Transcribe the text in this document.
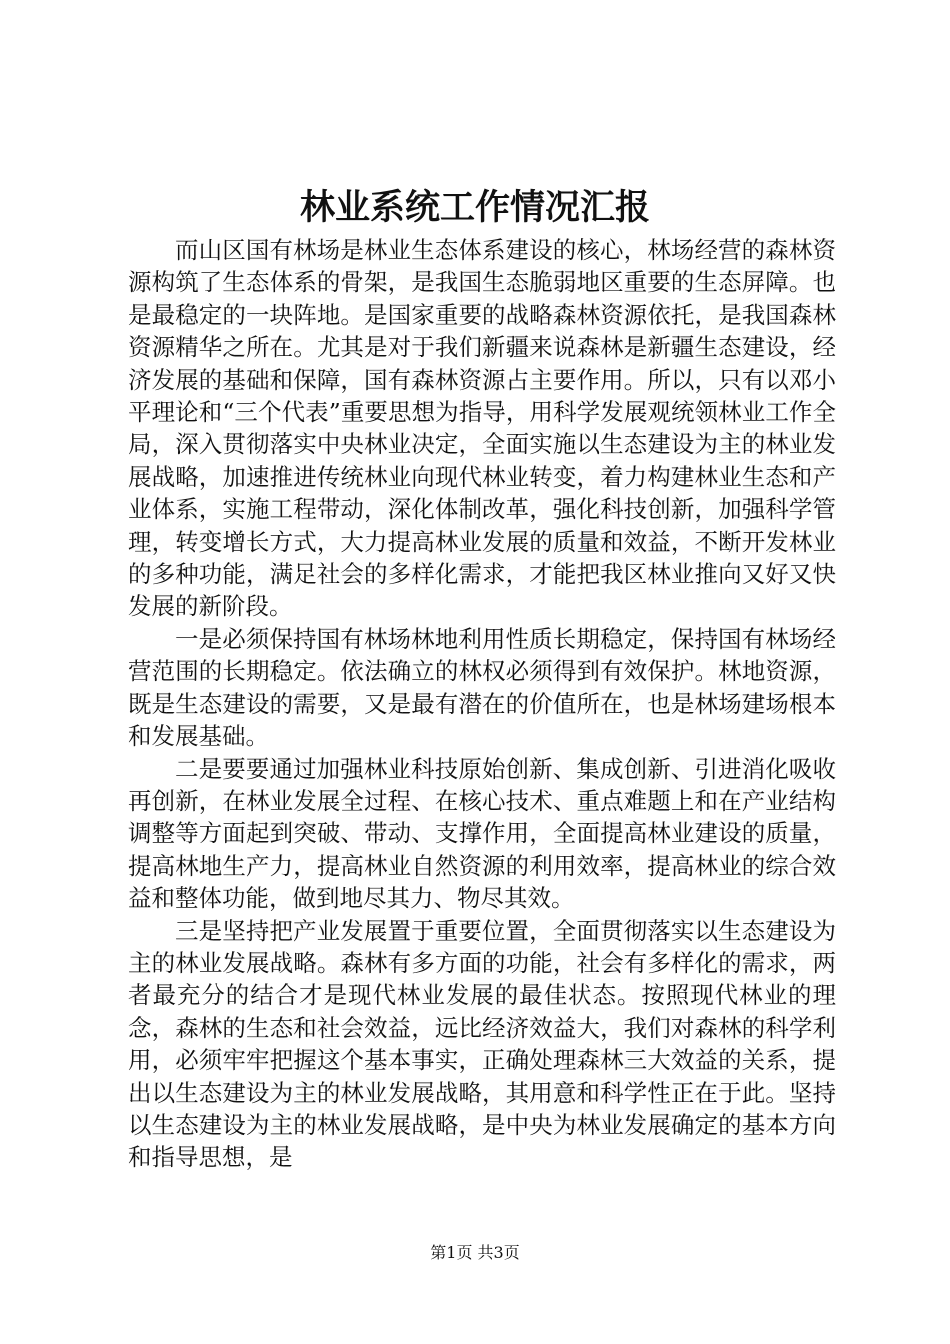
林业系统工作情况汇报

而山区国有林场是林业生态体系建设的核心，林场经营的森林资源构筑了生态体系的骨架，是我国生态脆弱地区重要的生态屏障。也是最稳定的一块阵地。是国家重要的战略森林资源依托，是我国森林资源精华之所在。尤其是对于我们新疆来说森林是新疆生态建设，经济发展的基础和保障，国有森林资源占主要作用。所以，只有以邓小平理论和“三个代表”重要思想为指导，用科学发展观统领林业工作全局，深入贯彻落实中央林业决定，全面实施以生态建设为主的林业发展战略，加速推进传统林业向现代林业转变，着力构建林业生态和产业体系，实施工程带动，深化体制改革，强化科技创新，加强科学管理，转变增长方式，大力提高林业发展的质量和效益，不断开发林业的多种功能，满足社会的多样化需求，才能把我区林业推向又好又快发展的新阶段。

一是必须保持国有林场林地利用性质长期稳定，保持国有林场经营范围的长期稳定。依法确立的林权必须得到有效保护。林地资源，既是生态建设的需要，又是最有潜在的价值所在，也是林场建场根本和发展基础。

二是要要通过加强林业科技原始创新、集成创新、引进消化吸收再创新，在林业发展全过程、在核心技术、重点难题上和在产业结构调整等方面起到突破、带动、支撑作用，全面提高林业建设的质量，提高林地生产力，提高林业自然资源的利用效率，提高林业的综合效益和整体功能，做到地尽其力、物尽其效。

三是坚持把产业发展置于重要位置，全面贯彻落实以生态建设为主的林业发展战略。森林有多方面的功能，社会有多样化的需求，两者最充分的结合才是现代林业发展的最佳状态。按照现代林业的理念，森林的生态和社会效益，远比经济效益大，我们对森林的科学利用，必须牢牢把握这个基本事实，正确处理森林三大效益的关系，提出以生态建设为主的林业发展战略，其用意和科学性正在于此。坚持以生态建设为主的林业发展战略，是中央为林业发展确定的基本方向和指导思想，是

第1页 共3页
